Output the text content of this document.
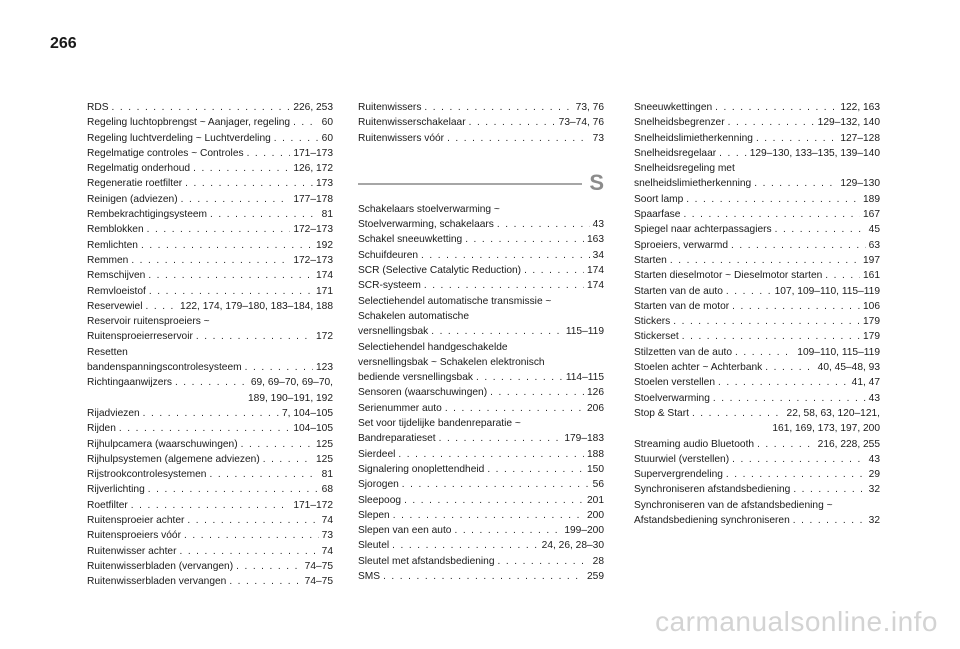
266
RDS . . .	226, 253
Regeling luchtopbrengst ~ Aanjager, regeling . . .	60
Regeling luchtverdeling ~ Luchtverdeling . . .	60
Regelmatige controles ~ Controles . . .	171–173
Regelmatig onderhoud . . .	126, 172
Regeneratie roetfilter . . .	173
Reinigen (adviezen) . . .	177–178
Rembekrachtigingsysteem . . .	81
Remblokken . . .	172–173
Remlichten . . .	192
Remmen . . .	172–173
Remschijven . . .	174
Remvloeistof . . .	171
Reservewiel . . .	122, 174, 179–180, 183–184, 188
Reservoir ruitensproeiers ~
Ruitensproeierreservoir . . .	172
Resetten
bandenspanningscontrolesysteem . . .	123
Richtingaanwijzers . . .	69, 69–70, 69–70,
189, 190–191, 192
Rijadviezen . . .	7, 104–105
Rijden . . .	104–105
Rijhulpcamera (waarschuwingen) . . .	125
Rijhulpsystemen (algemene adviezen) . . .	125
Rijstrookcontrolesystemen . . .	81
Rijverlichting . . .	68
Roetfilter . . .	171–172
Ruitensproeier achter . . .	74
Ruitensproeiers vóór . . .	73
Ruitenwisser achter . . .	74
Ruitenwisserbladen (vervangen) . . .	74–75
Ruitenwisserbladen vervangen . . .	74–75
Ruitenwissers . . .	73, 76
Ruitenwisserschakelaar . . .	73–74, 76
Ruitenwissers vóór . . .	73
S
Schakelaars stoelverwarming ~
Stoelverwarming, schakelaars . . .	43
Schakel sneeuwketting . . .	163
Schuifdeuren . . .	34
SCR (Selective Catalytic Reduction) . . .	174
SCR-systeem . . .	174
Selectiehendel automatische transmissie ~
Schakelen automatische
versnellingsbak . . .	115–119
Selectiehendel handgeschakelde
versnellingsbak ~ Schakelen elektronisch
bediende versnellingsbak . . .	114–115
Sensoren (waarschuwingen) . . .	126
Serienummer auto . . .	206
Set voor tijdelijke bandenreparatie ~
Bandreparatieset . . .	179–183
Sierdeel . . .	188
Signalering onoplettendheid . . .	150
Sjorogen . . .	56
Sleepoog . . .	201
Slepen . . .	200
Slepen van een auto . . .	199–200
Sleutel . . .	24, 26, 28–30
Sleutel met afstandsbediening . . .	28
SMS . . .	259
Sneeuwkettingen . . .	122, 163
Snelheidsbegrenzer . . .	129–132, 140
Snelheidslimietherkenning . . .	127–128
Snelheidsregelaar . . .	129–130, 133–135, 139–140
Snelheidsregeling met
snelheidslimietherkenning . . .	129–130
Soort lamp . . .	189
Spaarfase . . .	167
Spiegel naar achterpassagiers . . .	45
Sproeiers, verwarmd . . .	63
Starten . . .	197
Starten dieselmotor ~ Dieselmotor starten . . .	161
Starten van de auto . . .	107, 109–110, 115–119
Starten van de motor . . .	106
Stickers . . .	179
Stickerset . . .	179
Stilzetten van de auto . . .	109–110, 115–119
Stoelen achter ~ Achterbank . . .	40, 45–48, 93
Stoelen verstellen . . .	41, 47
Stoelverwarming . . .	43
Stop & Start . . .	22, 58, 63, 120–121,
161, 169, 173, 197, 200
Streaming audio Bluetooth . . .	216, 228, 255
Stuurwiel (verstellen) . . .	43
Supervergrendeling . . .	29
Synchroniseren afstandsbediening . . .	32
Synchroniseren van de afstandsbediening ~
Afstandsbediening synchroniseren . . .	32
carmanualsonline.info
